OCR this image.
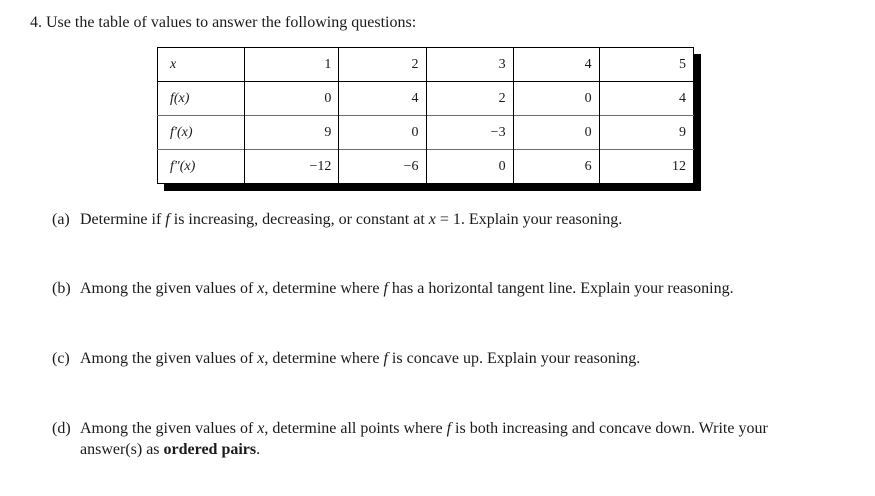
4. Use the table of values to answer the following questions:
x	1	2	3	4	5
f(x)	0	4	2	0	4
f′(x)	9	0	−3	0	9
f″(x)	−12	−6	0	6	12
(a) Determine if f is increasing, decreasing, or constant at x = 1. Explain your reasoning.
(b) Among the given values of x, determine where f has a horizontal tangent line. Explain your reasoning.
(c) Among the given values of x, determine where f is concave up. Explain your reasoning.
(d) Among the given values of x, determine all points where f is both increasing and concave down. Write your
answer(s) as ordered pairs.
